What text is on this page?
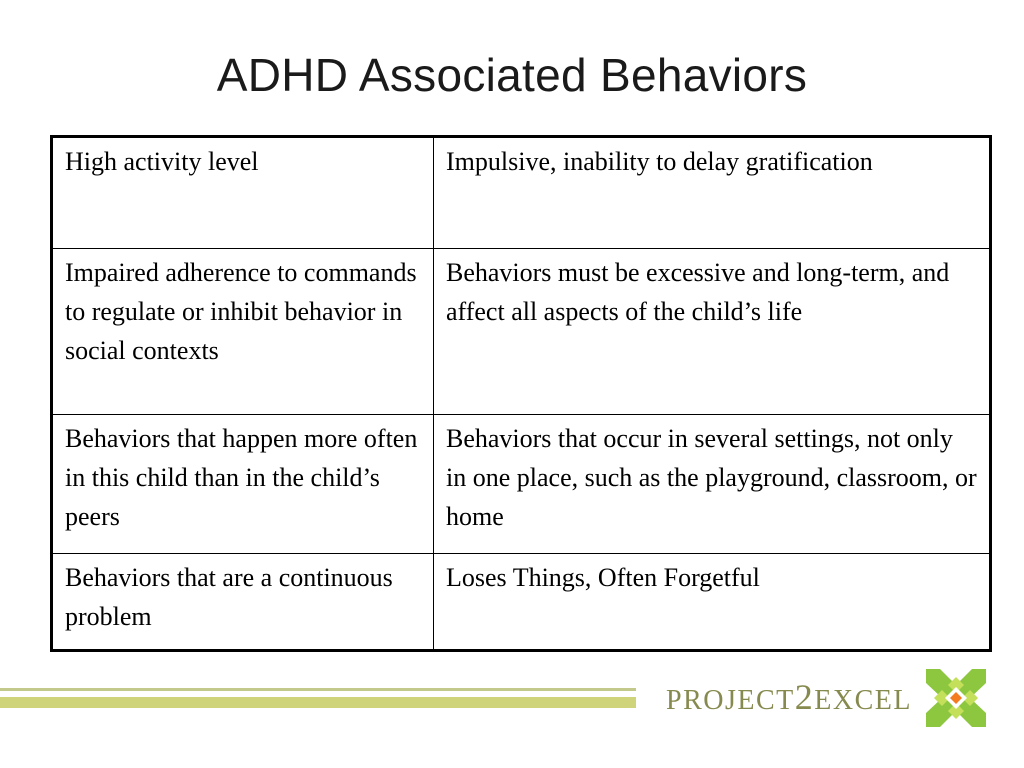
ADHD Associated Behaviors
High activity level	Impulsive, inability to delay gratification
Impaired adherence to commands to regulate or inhibit behavior in social contexts	Behaviors must be excessive and long-term, and affect all aspects of the child’s life
Behaviors that happen more often in this child than in the child’s peers	Behaviors that occur in several settings, not only in one place, such as the playground, classroom, or home
Behaviors that are a continuous problem	Loses Things, Often Forgetful
PROJECT2EXCEL
